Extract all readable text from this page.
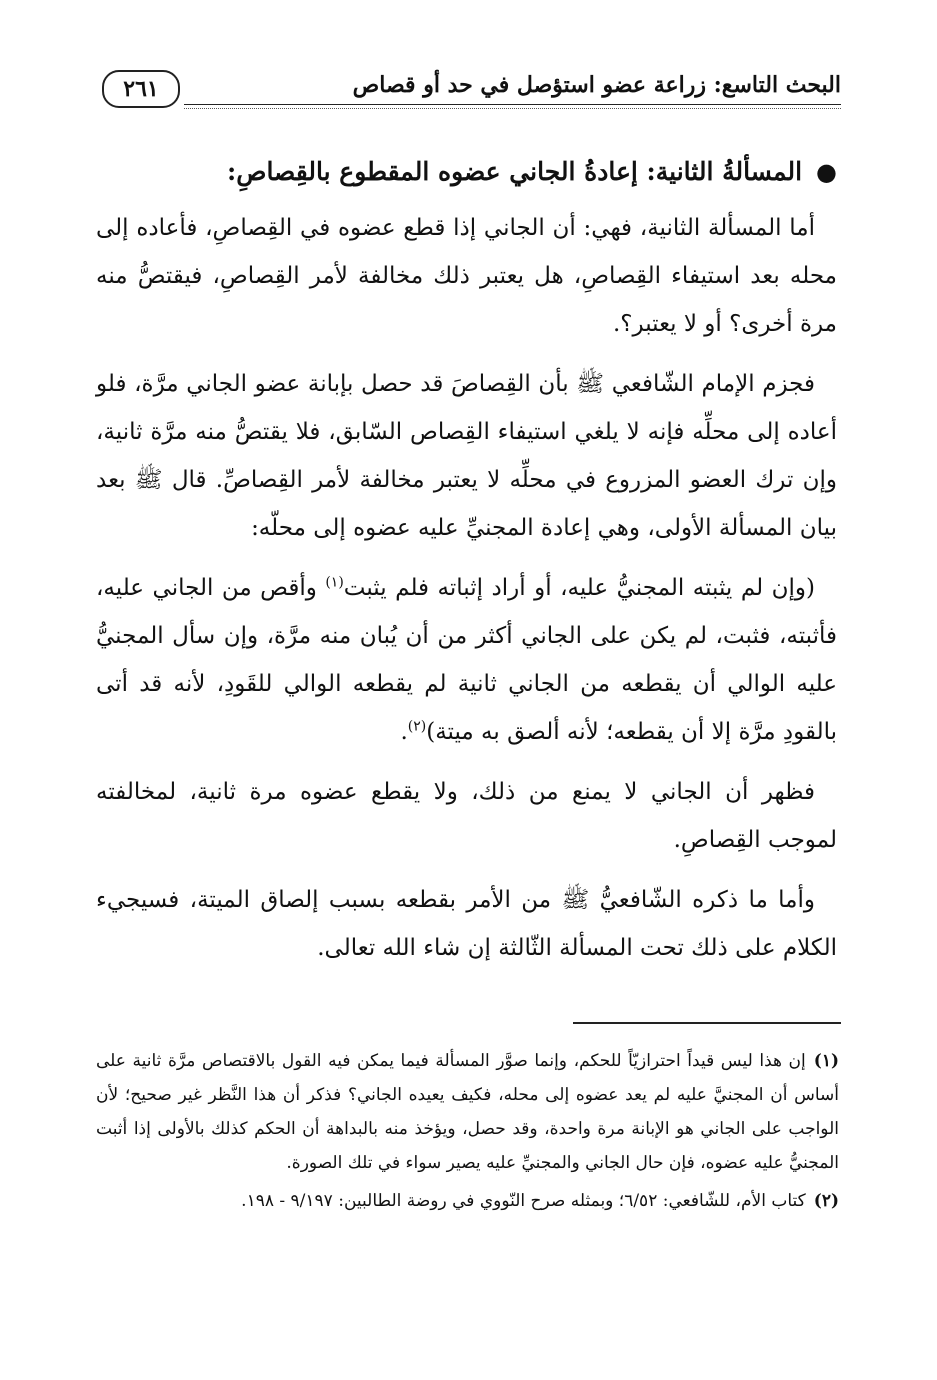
البحث التاسع: زراعة عضو استؤصل في حد أو قصاص
٢٦١
●المسألةُ الثانية: إعادةُ الجاني عضوه المقطوع بالقِصاصِ:

أما المسألة الثانية، فهي: أن الجاني إذا قطع عضوه في القِصاصِ، فأعاده إلى محله بعد استيفاء القِصاصِ، هل يعتبر ذلك مخالفة لأمر القِصاصِ، فيقتصُّ منه مرة أخرى؟ أو لا يعتبر؟.

فجزم الإمام الشّافعي ﷺ بأن القِصاصَ قد حصل بإبانة عضو الجاني مرَّة، فلو أعاده إلى محلِّه فإنه لا يلغي استيفاء القِصاص السّابق، فلا يقتصُّ منه مرَّة ثانية، وإن ترك العضو المزروع في محلِّه لا يعتبر مخالفة لأمر القِصاصِّ. قال ﷺ بعد بيان المسألة الأولى، وهي إعادة المجنيِّ عليه عضوه إلى محلّه:

(وإن لم يثبته المجنيُّ عليه، أو أراد إثباته فلم يثبت$^{(١)}$ وأقص من الجاني عليه، فأثبته، فثبت، لم يكن على الجاني أكثر من أن يُبان منه مرَّة، وإن سأل المجنيُّ عليه الوالي أن يقطعه من الجاني ثانية لم يقطعه الوالي للقَودِ، لأنه قد أتى بالقودِ مرَّة إلا أن يقطعه؛ لأنه ألصق به ميتة)$^{(٢)}$.

فظهر أن الجاني لا يمنع من ذلك، ولا يقطع عضوه مرة ثانية، لمخالفته لموجب القِصاصِ.

وأما ما ذكره الشّافعيُّ ﷺ من الأمر بقطعه بسبب إلصاق الميتة، فسيجيء الكلام على ذلك تحت المسألة الثّالثة إن شاء الله تعالى.

(١)إن هذا ليس قيداً احترازيّاً للحكم، وإنما صوَّر المسألة فيما يمكن فيه القول بالاقتصاص مرَّة ثانية على أساس أن المجنيَّ عليه لم يعد عضوه إلى محله، فكيف يعيده الجاني؟ فذكر أن هذا النَّظر غير صحيح؛ لأن الواجب على الجاني هو الإبانة مرة واحدة، وقد حصل، ويؤخذ منه بالبداهة أن الحكم كذلك بالأولى إذا أثبت المجنيُّ عليه عضوه، فإن حال الجاني والمجنيِّ عليه يصير سواء في تلك الصورة.

(٢)كتاب الأم، للشّافعي: ٦/٥٢؛ وبمثله صرح النّووي في روضة الطالبين: ٩/١٩٧ - ١٩٨.
